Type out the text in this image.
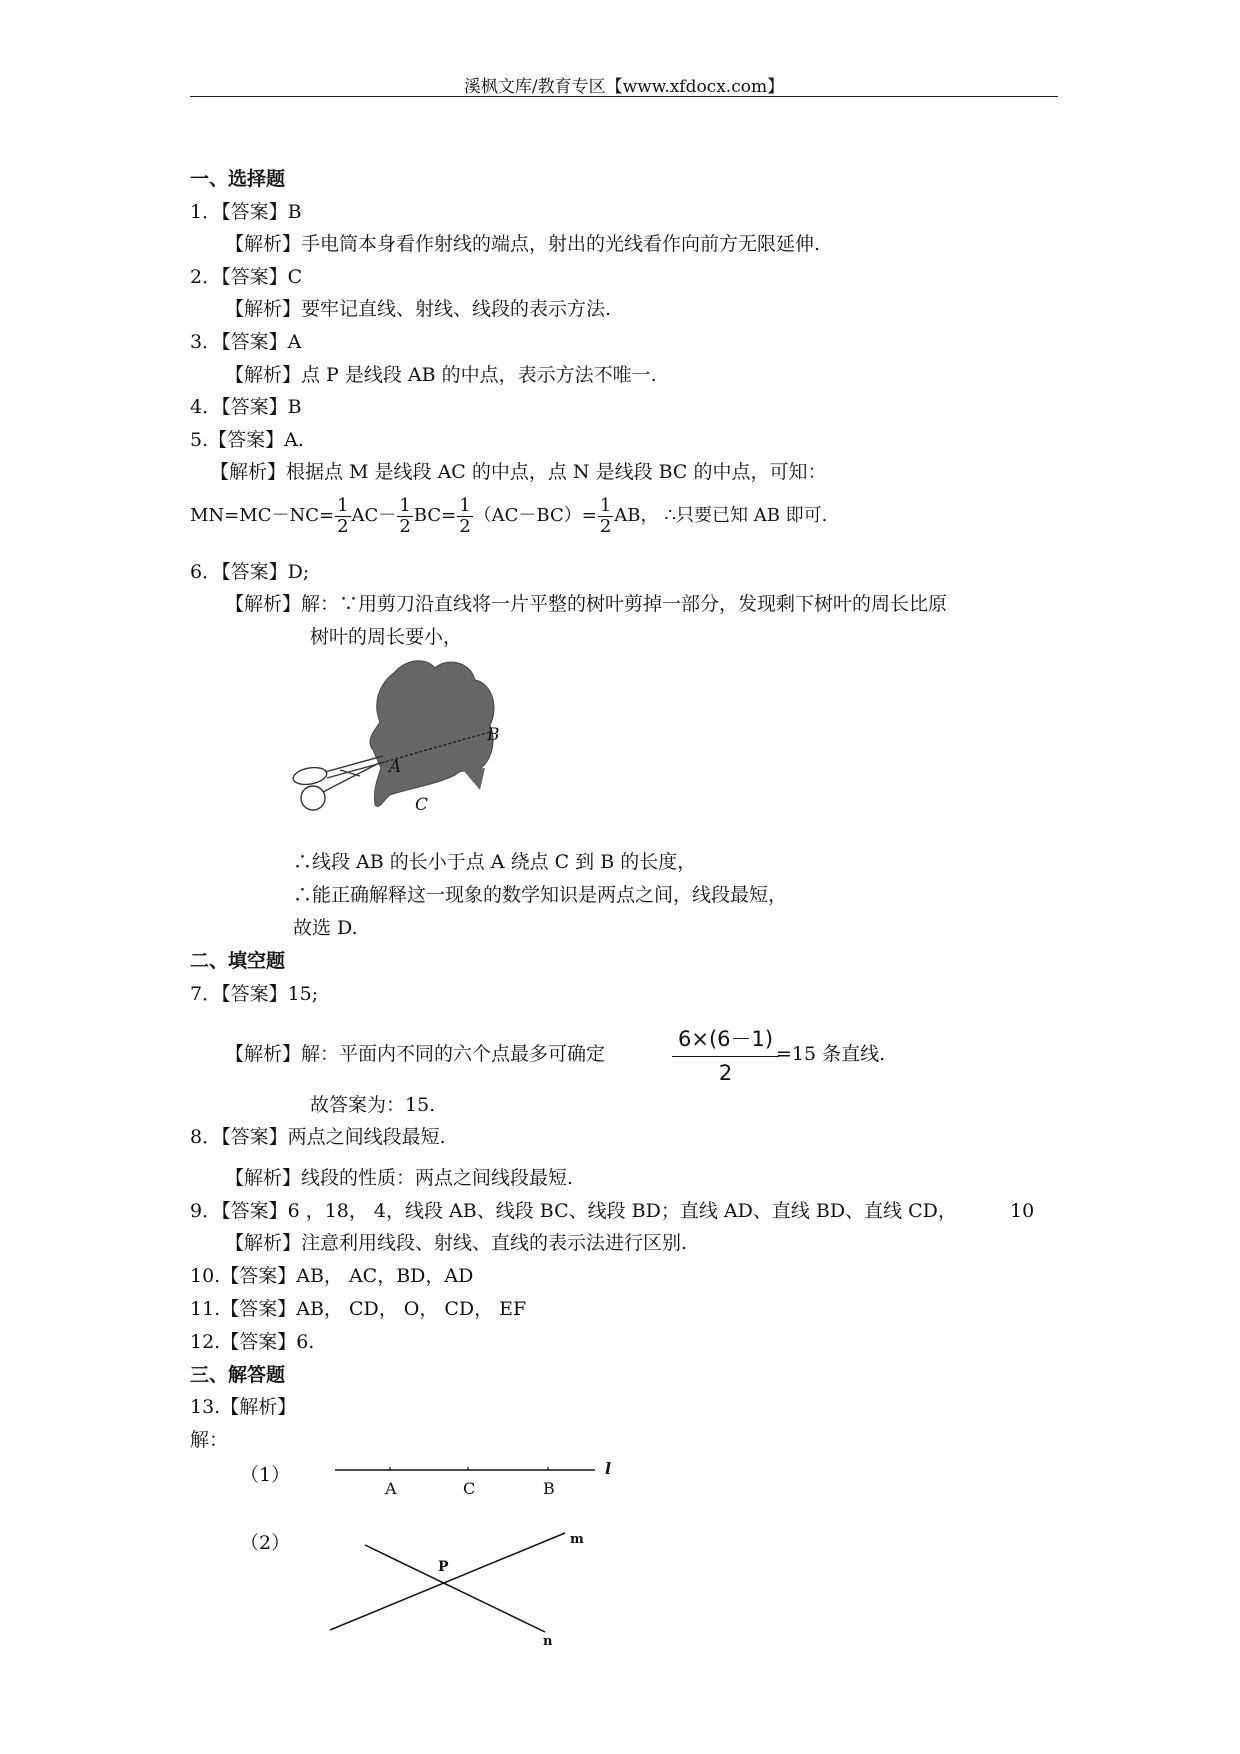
溪枫文库/教育专区【www.xfdocx.com】
一、选择题
1．【答案】B
【解析】手电筒本身看作射线的端点，射出的光线看作向前方无限延伸.
2．【答案】C
【解析】要牢记直线、射线、线段的表示方法.
3．【答案】A
【解析】点 P 是线段 AB 的中点，表示方法不唯一.
4．【答案】B
5.【答案】A.
【解析】根据点 M 是线段 AC 的中点，点 N 是线段 BC 的中点，可知：
$MN=MC-NC= \frac{1}{2} AC- \frac{1}{2} BC= \frac{1}{2} (AC-BC)= \frac{1}{2}$ AB， ∴只要已知 AB 即可.
6．【答案】D;
【解析】解：∵用剪刀沿直线将一片平整的树叶剪掉一部分，发现剩下树叶的周长比原
树叶的周长要小，
B
A
C
∴线段 AB 的长小于点 A 绕点 C 到 B 的长度，
∴能正确解释这一现象的数学知识是两点之间，线段最短，
故选 D.
二、填空题
7．【答案】15;
【解析】解：平面内不同的六个点最多可确定	$\frac{6\times(6-1)}{2}$
=15 条直线.
故答案为：15.
8．【答案】两点之间线段最短.
【解析】线段的性质：两点之间线段最短.
9．【答案】6 ，18， 4，线段 AB、线段 BC、线段 BD；直线 AD、直线 BD、直线 CD，	10
【解析】注意利用线段、射线、直线的表示法进行区别.
10.【答案】AB， AC，BD，AD
11.【答案】AB， CD， O， CD， EF
12.【答案】6.
三、解答题
13.【解析】
解：
（1）
A	C	B
l
（2）
P
m
n
